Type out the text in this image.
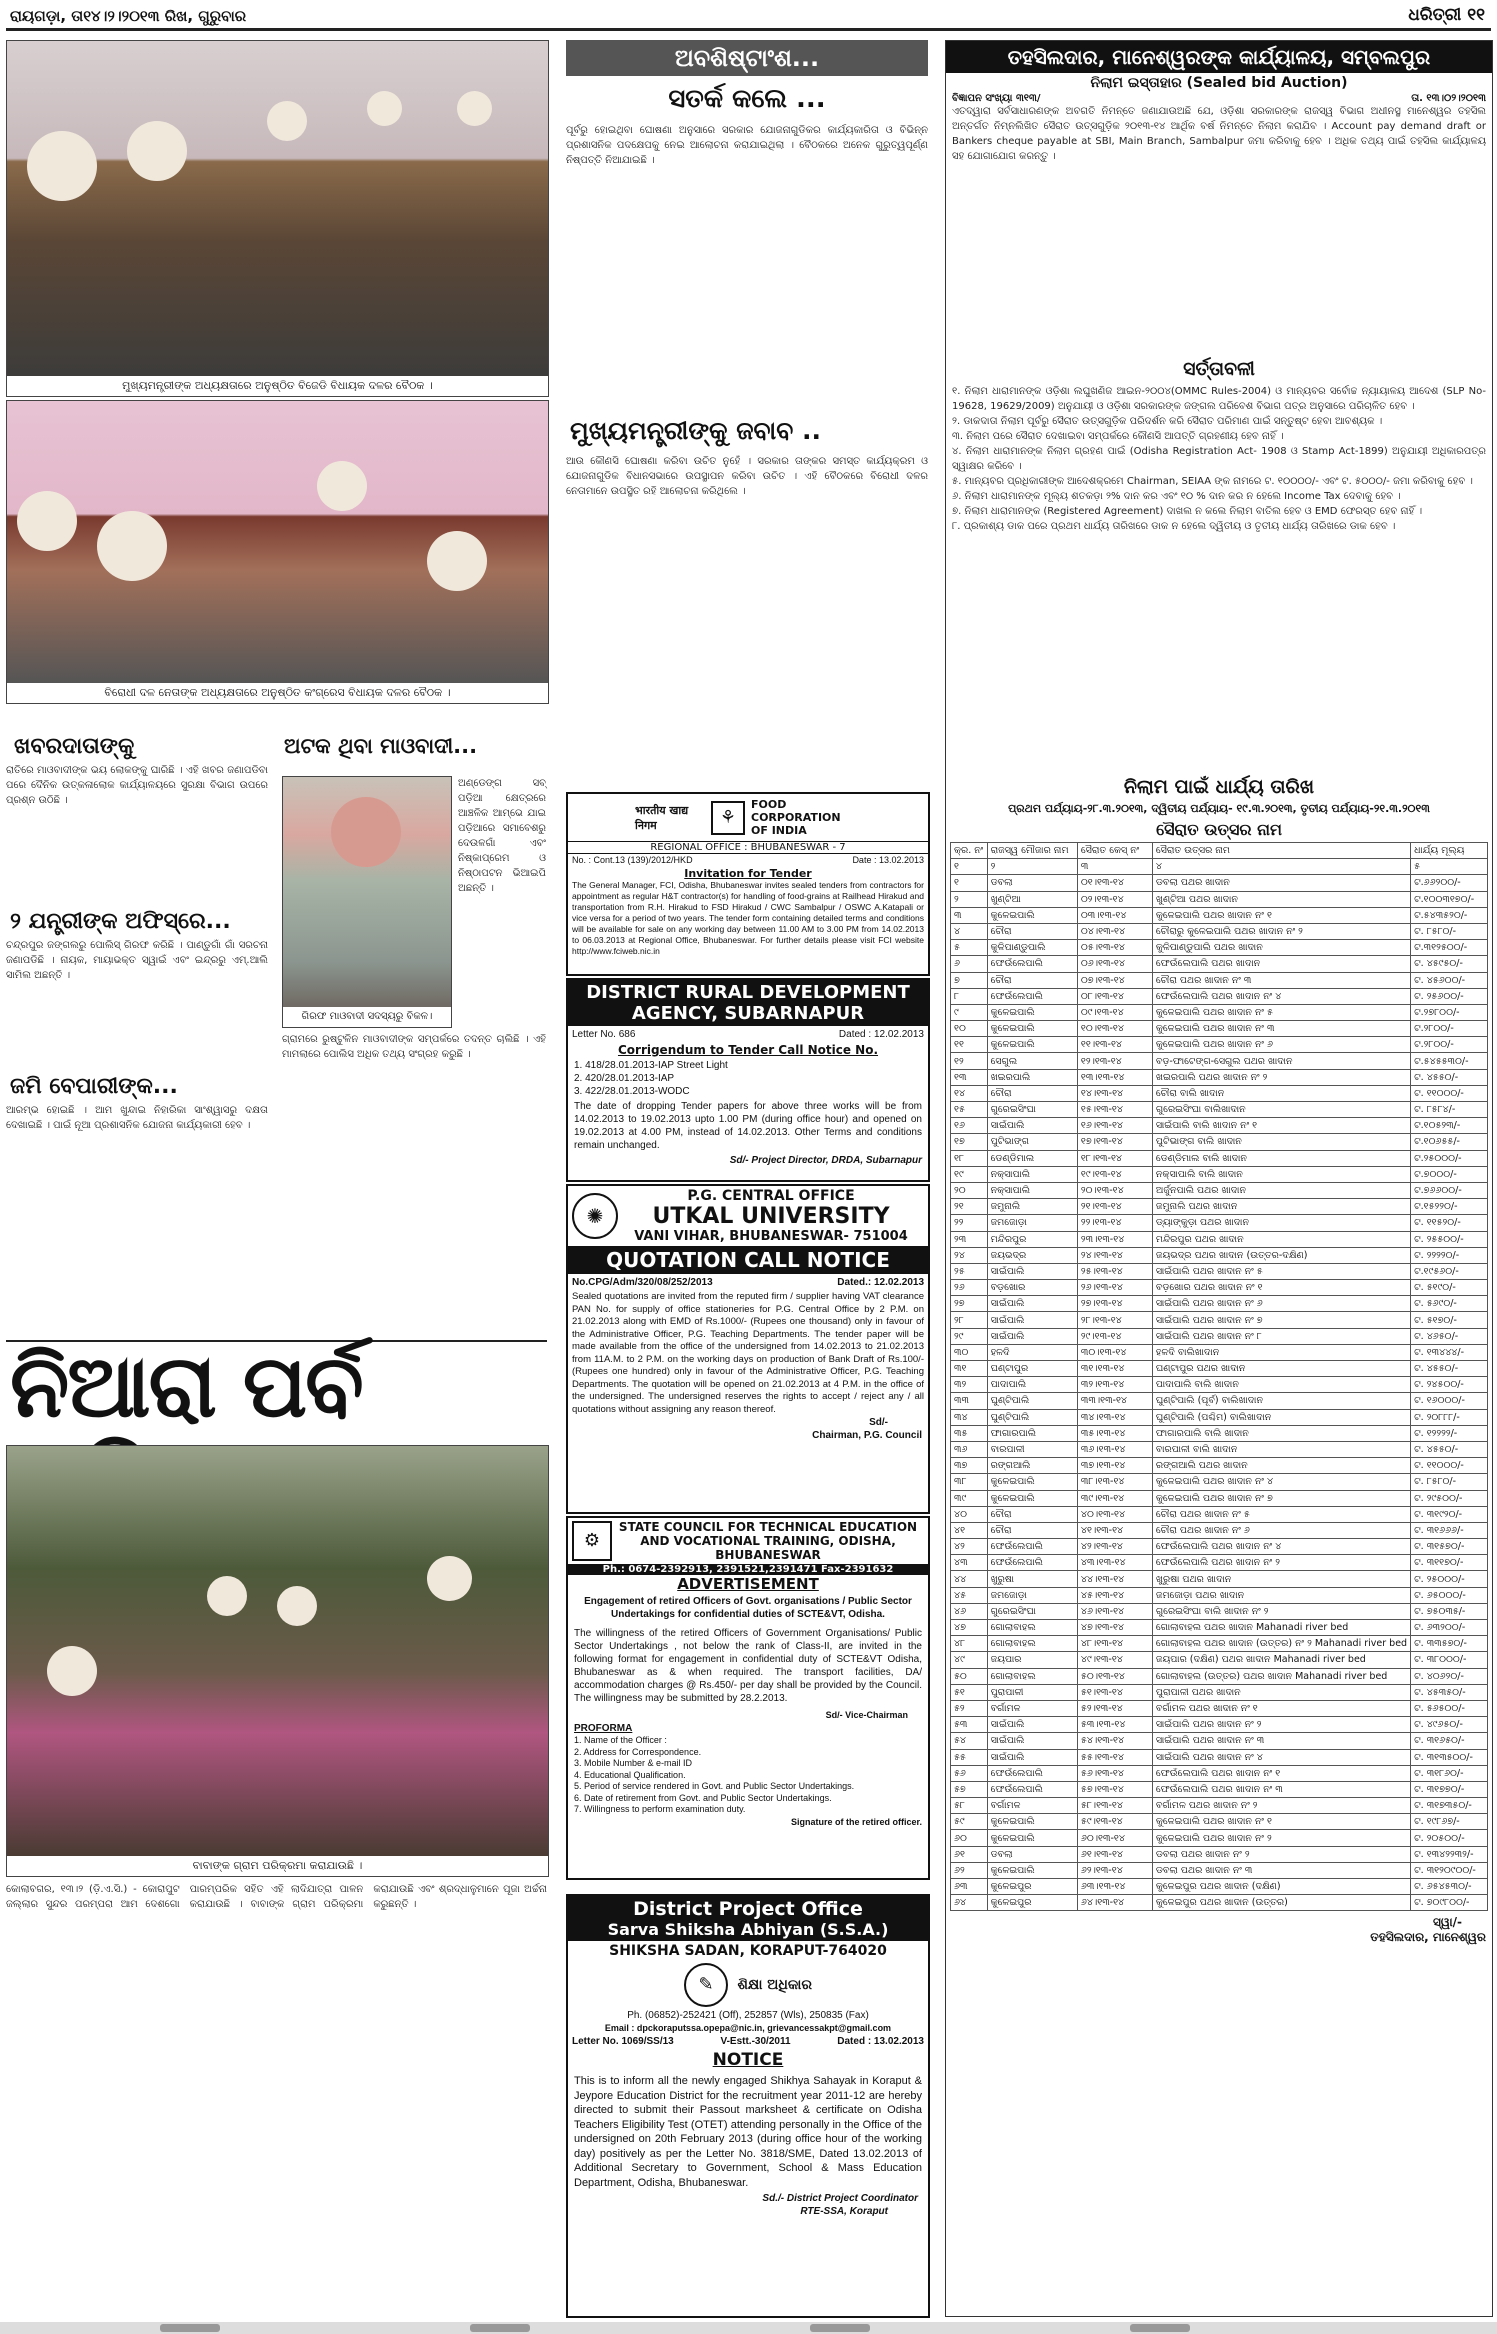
ରାୟଗଡ଼ା, ତା୧୪।୨।୨୦୧୩ ରିଖ, ଗୁରୁବାର	ଧରିତ୍ରୀ ୧୧
ମୁଖ୍ୟମନ୍ତ୍ରୀଙ୍କ ଅଧ୍ୟକ୍ଷତାରେ ଅନୁଷ୍ଠିତ ବିଜେଡି ବିଧାୟକ ଦଳର ବୈଠକ ।
ବିରୋଧୀ ଦଳ ନେତାଙ୍କ ଅଧ୍ୟକ୍ଷତାରେ ଅନୁଷ୍ଠିତ କଂଗ୍ରେସ ବିଧାୟକ ଦଳର ବୈଠକ ।
ଖବରଦାତାଙ୍କୁ
ରାତିରେ ମାଓବାଦୀଙ୍କ ଭୟ ଲୋକଙ୍କୁ ଘାରିଛି । ଏହି ଖବର ଜଣାପଡିବା ପରେ ଦୈନିକ ଉତ୍କଳାଲୋକ କାର୍ଯ୍ୟାଳୟରେ ସୁରକ୍ଷା ବିଭାଗ ଉପରେ ପ୍ରଶ୍ନ ଉଠିଛି ।
୨ ଯନ୍ତ୍ରୀଙ୍କ ଅଫିସ୍‌ରେ...
ଚନ୍ଦ୍ରପୁର ଜଙ୍ଗଲରୁ ପୋଲିସ୍ ଗିରଫ କରିଛି । ପାଣ୍ଡୁଗାଁ ଗାଁ ସରଚନା ଜଣାପଡିଛି । ନାୟକ, ମାୟାଭକ୍ତ ସ୍ୱାଇଁ ଏବଂ ଇନ୍ଦ୍ରରୁ ଏମ୍.ଆଲି ସାମିଲ ଅଛନ୍ତି ।
ଜମି ବେପାରୀଙ୍କ...
ଆରମ୍ଭ ହୋଇଛି । ଆମ ଖୁନ୍ଦାଇ ନିହାରିକା ସାଂଶ୍ୱାସରୁ ଦକ୍ଷତା ଦେଖାଇଛି । ପାଇଁ ନୂଆ ପ୍ରଶାସନିକ ଯୋଜନା କାର୍ଯ୍ୟକାରୀ ହେବ ।
ଅଟକ ଥିବା ମାଓବାଦୀ...
ଗିରଫ ମାଓବାଦୀ ସଦସ୍ୟରୁ ବିକଳ।
ଅଣ୍ଡେଙ୍ଗ ସବ୍ ପଡ଼ିଆ କ୍ଷେତ୍ରରେ ଆଞ୍ଚଳିକ ଆମ୍ଭେ ଯାଇ ପଡ଼ିଆରେ ସମାବେଶରୁ ଦେଉଳଗାଁ ଏବଂ ନିଷ୍କାପ୍ରେମ ଓ ନିଷ୍ଠାପଟନ ଭିଆଇପି ଅଛନ୍ତି ।
ଗ୍ରାମରେ ରୁଷ୍ଟୁଳିନ ମାଓବାଦୀଙ୍କ ସମ୍ପର୍କରେ ତଦନ୍ତ ଚାଲିଛି । ଏହି ମାମଲାରେ ପୋଲିସ ଅଧିକ ତଥ୍ୟ ସଂଗ୍ରହ କରୁଛି ।
ନିଆରା ପର୍ବ
ବାବାଙ୍କ ଗ୍ରାମ ପରିକ୍ରମା କରାଯାଉଛି ।
କୋଲାବଗର, ୧୩।୨ (ଡ଼ି.ଏ.ସି.) - କୋରାପୁଟ ଜଲ୍ଲାର ସୁନ୍ଦର ପରମ୍ପରା ଆମ ଦେଶଗୋ ପାରମ୍ପରିକ ସହିତ ଏହି ଲାଦିଯାତ୍ରା ପାଳନ କରାଯାଉଛି । ବାବାଙ୍କ ଗ୍ରାମ ପରିକ୍ରମା କରାଯାଉଛି ଏବଂ ଶ୍ରଦ୍ଧାଳୁମାନେ ପୂଜା ଅର୍ଚ୍ଚନା କରୁଛନ୍ତି ।
ଅବଶିଷ୍ଟାଂଶ...
ସତର୍କ କଲେ ...
ପୂର୍ବରୁ ହୋଇଥିବା ଘୋଷଣା ଅନୁସାରେ ସରକାର ଯୋଜନାଗୁଡିକର କାର୍ଯ୍ୟକାରିତା ଓ ବିଭିନ୍ନ ପ୍ରଶାସନିକ ପଦକ୍ଷେପକୁ ନେଇ ଆଲୋଚନା କରାଯାଇଥିଲା । ବୈଠକରେ ଅନେକ ଗୁରୁତ୍ୱପୂର୍ଣ୍ଣ ନିଷ୍ପତ୍ତି ନିଆଯାଇଛି ।
ମୁଖ୍ୟମନ୍ତ୍ରୀଙ୍କୁ ଜବାବ ..
ଆଉ କୌଣସି ଘୋଷଣା କରିବା ଉଚିତ ନୁହେଁ । ସରକାର ତାଙ୍କର ସମସ୍ତ କାର୍ଯ୍ୟକ୍ରମ ଓ ଯୋଜନାଗୁଡିକ ବିଧାନସଭାରେ ଉପସ୍ଥାପନ କରିବା ଉଚିତ । ଏହି ବୈଠକରେ ବିରୋଧୀ ଦଳର ନେତାମାନେ ଉପସ୍ଥିତ ରହି ଆଲୋଚନା କରିଥିଲେ ।
भारतीय खाद्य निगम	⚘
FOOD CORPORATION OF INDIA
REGIONAL OFFICE : BHUBANESWAR - 7
No. : Cont.13 (139)/2012/HKD	Date : 13.02.2013
Invitation for Tender
The General Manager, FCI, Odisha, Bhubaneswar invites sealed tenders from contractors for appointment as regular H&T contractor(s) for handling of food-grains at Railhead Hirakud and transportation from R.H. Hirakud to FSD Hirakud / CWC Sambalpur / OSWC A.Katapali or vice versa for a period of two years. The tender form containing detailed terms and conditions will be available for sale on any working day between 11.00 AM to 3.00 PM from 14.02.2013 to 06.03.2013 at Regional Office, Bhubaneswar. For further details please visit FCI website http://www.fciweb.nic.in
DISTRICT RURAL DEVELOPMENT AGENCY, SUBARNAPUR
Letter No. 686	Dated : 12.02.2013
Corrigendum to Tender Call Notice No.
1. 418/28.01.2013-IAP Street Light
2. 420/28.01.2013-IAP
3. 422/28.01.2013-WODC
The date of dropping Tender papers for above three works will be from 14.02.2013 to 19.02.2013 upto 1.00 PM (during office hour) and opened on 19.02.2013 at 4.00 PM, instead of 14.02.2013. Other Terms and conditions remain unchanged.
Sd/- Project Director, DRDA, Subarnapur
✺
P.G. CENTRAL OFFICE
UTKAL UNIVERSITY
VANI VIHAR, BHUBANESWAR- 751004
QUOTATION CALL NOTICE
No.CPG/Adm/320/08/252/2013	Dated.: 12.02.2013
Sealed quotations are invited from the reputed firm / supplier having VAT clearance PAN No. for supply of office stationeries for P.G. Central Office by 2 P.M. on 21.02.2013 along with EMD of Rs.1000/- (Rupees one thousand) only in favour of the Administrative Officer, P.G. Teaching Departments. The tender paper will be made available from the office of the undersigned from 14.02.2013 to 21.02.2013 from 11A.M. to 2 P.M. on the working days on production of Bank Draft of Rs.100/- (Rupees one hundred) only in favour of the Administrative Officer, P.G. Teaching Departments. The quotation will be opened on 21.02.2013 at 4 P.M. in the office of the undersigned. The undersigned reserves the rights to accept / reject any / all quotations without assigning any reason thereof.
Sd/-
Chairman, P.G. Council
⚙
STATE COUNCIL FOR TECHNICAL EDUCATION AND VOCATIONAL TRAINING, ODISHA, BHUBANESWAR
Ph.: 0674-2392913, 2391521,2391471 Fax-2391632
ADVERTISEMENT
Engagement of retired Officers of Govt. organisations / Public Sector Undertakings for confidential duties of SCTE&VT, Odisha.
The willingness of the retired Officers of Government Organisations/ Public Sector Undertakings , not below the rank of Class-II, are invited in the following format for engagement in confidential duty of SCTE&VT Odisha, Bhubaneswar as & when required. The transport facilities, DA/ accommodation charges @ Rs.450/- per day shall be provided by the Council. The willingness may be submitted by 28.2.2013.
Sd/- Vice-Chairman
PROFORMA
1. Name of the Officer :
2. Address for Correspondence.
3. Mobile Number & e-mail ID
4. Educational Qualification.
5. Period of service rendered in Govt. and Public Sector Undertakings.
6. Date of retirement from Govt. and Public Sector Undertakings.
7. Willingness to perform examination duty.
Signature of the retired officer.
District Project Office
Sarva Shiksha Abhiyan (S.S.A.)
SHIKSHA SADAN, KORAPUT-764020
✎ ଶିକ୍ଷା ଅଧିକାର
Ph. (06852)-252421 (Off), 252857 (Wls), 250835 (Fax)
Email : dpckoraputssa.opepa@nic.in, grievancessakpt@gmail.com
Letter No. 1069/SS/13	V-Estt.-30/2011	Dated : 13.02.2013
NOTICE
This is to inform all the newly engaged Shikhya Sahayak in Koraput & Jeypore Education District for the recruitment year 2011-12 are hereby directed to submit their Passout marksheet & certificate on Odisha Teachers Eligibility Test (OTET) attending personally in the Office of the undersigned on 20th February 2013 (during office hour of the working day) positively as per the Letter No. 3818/SME, Dated 13.02.2013 of Additional Secretary to Government, School & Mass Education Department, Odisha, Bhubaneswar.
Sd./- District Project Coordinator
RTE-SSA, Koraput
ତହସିଲଦାର, ମାନେଶ୍ୱରଙ୍କ କାର୍ଯ୍ୟାଳୟ, ସମ୍ବଲପୁର
ନିଲାମ ଇସ୍ତାହାର (Sealed bid Auction)
ବିଜ୍ଞାପନ ସଂଖ୍ୟା ୩୧୩/	ତା. ୧୩।୦୨।୨୦୧୩
ଏତଦ୍ୱାରା ସର୍ବସାଧାରଣଙ୍କ ଅବଗତି ନିମନ୍ତେ ଜଣାଯାଉଅଛି ଯେ, ଓଡ଼ିଶା ସରକାରଙ୍କ ରାଜସ୍ୱ ବିଭାଗ ଅଧୀନସ୍ଥ ମାନେଶ୍ୱର ତହସିଲ ଅନ୍ତର୍ଗତ ନିମ୍ନଲିଖିତ ସୈରାତ ଉତ୍ସଗୁଡ଼ିକ ୨୦୧୩-୧୪ ଆର୍ଥିକ ବର୍ଷ ନିମନ୍ତେ ନିଲାମ କରାଯିବ । Account pay demand draft or Bankers cheque payable at SBI, Main Branch, Sambalpur ଜମା କରିବାକୁ ହେବ । ଅଧିକ ତଥ୍ୟ ପାଇଁ ତହସିଲ କାର୍ଯ୍ୟାଳୟ ସହ ଯୋଗାଯୋଗ କରନ୍ତୁ ।
ସର୍ତ୍ତାବଳୀ
୧. ନିଲାମ ଧାରାମାନଙ୍କ ଓଡ଼ିଶା ଲଘୁଖଣିଜ ଆଇନ-୨୦୦୪(OMMC Rules-2004) ଓ ମାନ୍ୟବର ସର୍ବୋଚ୍ଚ ନ୍ୟାୟାଳୟ ଆଦେଶ (SLP No-19628, 19629/2009) ଅନୁଯାୟୀ ଓ ଓଡ଼ିଶା ସରକାରଙ୍କ ଜଙ୍ଗଲ ପରିବେଶ ବିଭାଗ ପତ୍ର ଅନୁସାରେ ପରିଚାଳିତ ହେବ ।
୨. ଡାକଦାତା ନିଲାମ ପୂର୍ବରୁ ସୈରାତ ଉତ୍ସଗୁଡ଼ିକ ପରିଦର୍ଶନ କରି ସୈରାତ ପରିମାଣ ପାଇଁ ସନ୍ତୁଷ୍ଟ ହେବା ଆବଶ୍ୟକ ।
୩. ନିଲାମ ପରେ ସୈରାତ ଦେଖାଇବା ସମ୍ପର୍କରେ କୌଣସି ଆପତ୍ତି ଗ୍ରହଣୀୟ ହେବ ନାହିଁ ।
୪. ନିଲାମ ଧାରାମାନଙ୍କ ନିଲାମ ଗ୍ରହଣ ପାଇଁ (Odisha Registration Act- 1908 ଓ Stamp Act-1899) ଅନୁଯାୟୀ ଅଧିକାରପତ୍ର ସ୍ୱାକ୍ଷର କରିବେ ।
୫. ମାନ୍ୟବର ପ୍ରଧିକାରୀଙ୍କ ଆଦେଶକ୍ରମେ Chairman, SEIAA ଙ୍କ ନାମରେ ଟ. ୧୦୦୦୦/- ଏବଂ ଟ. ୫୦୦୦/- ଜମା କରିବାକୁ ହେବ ।
୬. ନିଲାମ ଧାରାମାନଙ୍କ ମୂଲ୍ୟ ଶତକଡ଼ା ୨% ଦାନ କର ଏବଂ ୧୦ % ଦାନ କର ନ ହେଲେ Income Tax ଦେବାକୁ ହେବ ।
୭. ନିଲାମ ଧାରାମାନଙ୍କ (Registered Agreement) ଦାଖଲ ନ କଲେ ନିଲାମ ବାତିଲ ହେବ ଓ EMD ଫେରସ୍ତ ହେବ ନାହିଁ ।
୮. ପ୍ରକାଶ୍ୟ ଡାକ ପରେ ପ୍ରଥମ ଧାର୍ଯ୍ୟ ତାରିଖରେ ଡାକ ନ ହେଲେ ଦ୍ୱିତୀୟ ଓ ତୃତୀୟ ଧାର୍ଯ୍ୟ ତାରିଖରେ ଡାକ ହେବ ।
ନିଲାମ ପାଇଁ ଧାର୍ଯ୍ୟ ତାରିଖ
ପ୍ରଥମ ପର୍ଯ୍ୟାୟ-୨୮.୩.୨୦୧୩, ଦ୍ୱିତୀୟ ପର୍ଯ୍ୟାୟ- ୧୯.୩.୨୦୧୩, ତୃତୀୟ ପର୍ଯ୍ୟାୟ-୨୧.୩.୨୦୧୩
ସୈରାତ ଉତ୍ସର ନାମ
କ୍ର. ନଂ	ରାଜସ୍ୱ ମୌଜାର ନାମ	ସୈରାତ କେସ୍ ନଂ	ସୈରାତ ଉତ୍ସର ନାମ	ଧାର୍ଯ୍ୟ ମୂଲ୍ୟ
୧	୨	୩	୪	୫
୧	ଡବଲା	୦୧।୧୩-୧୪	ଡବଲା ପଥର ଖାଦାନ	ଟ.୬୬୨୦୦/-
୨	ଖୁଣ୍ଟିଆ	୦୨।୧୩-୧୪	ଖୁଣ୍ଟିଆ ପଥର ଖାଦାନ	ଟ.୧୦୦୩୧୭୦/-
୩	କୁଳେଇପାଲି	୦୩।୧୩-୧୪	କୁଳେଇପାଲି ପଥର ଖାଦାନ ନଂ ୧	ଟ.୫୪୩୫୨୦/-
୪	ଚୌରା	୦୪।୧୩-୧୪	ଚୌରାରୁ କୁଳେଇପାଲି ପଥର ଖାଦାନ ନଂ ୨	ଟ. ୮୫୮୦/-
୫	କୁଳିପାଣ୍ଡୁପାଲି	୦୫।୧୩-୧୪	କୁଳିପାଣ୍ଡୁପାଲି ପଥର ଖାଦାନ	ଟ.୩୧୨୫୦୦/-
୬	ଫେଉଁଲେପାଲି	୦୬।୧୩-୧୪	ଫେଉଁଲେପାଲି ପଥର ଖାଦାନ	ଟ. ୪୫୯୫୦/-
୭	ଚୌରା	୦୭।୧୩-୧୪	ଚୌରା ପଥର ଖାଦାନ ନଂ ୩	ଟ. ୪୫୬୦୦/-
୮	ଫେଉଁଲେପାଲି	୦୮।୧୩-୧୪	ଫେଉଁଲେପାଲି ପଥର ଖାଦାନ ନଂ ୪	ଟ. ୨୫୬୦୦/-
୯	କୁଳେଇପାଲି	୦୯।୧୩-୧୪	କୁଳେଇପାଲି ପଥର ଖାଦାନ ନଂ ୫	ଟ.୨୭୮୦୦/-
୧୦	କୁଳେଇପାଲି	୧୦।୧୩-୧୪	କୁଳେଇପାଲି ପଥର ଖାଦାନ ନଂ ୩	ଟ.୨୮୦୦/-
୧୧	କୁଳେଇପାଲି	୧୧।୧୩-୧୪	କୁଳେଇପାଲି ପଥର ଖାଦାନ ନଂ ୬	ଟ.୨୮୦୦/-
୧୨	ସେଗୁଲ	୧୨।୧୩-୧୪	ବଡ଼-ଫାଟେଙ୍ଗ-ସେଗୁଲ ପଥର ଖାଦାନ	ଟ.୫୪୫୫୩୦/-
୧୩	ଖଇରପାଲି	୧୩।୧୩-୧୪	ଖଇରପାଲି ପଥର ଖାଦାନ ନଂ ୨	ଟ. ୪୫୫୦/-
୧୪	ଚୌରା	୧୪।୧୩-୧୪	ଚୌରା ବାଲି ଖାଦାନ	ଟ. ୧୧୦୦୦/-
୧୫	ଗୁରେଇସିଂଘା	୧୫।୧୩-୧୪	ଗୁରେଇସିଂଘା ବାଲିଖାଦାନ	ଟ. ୮୫୮୪/-
୧୬	ସାଇଁପାଲି	୧୬।୧୩-୧୪	ସାଇଁପାଲି ବାଲି ଖାଦାନ ନଂ ୧	ଟ.୧୦୫୨୩/-
୧୭	ପୁଟିଭାଙ୍ଗ	୧୭।୧୩-୧୪	ପୁଟିଭାଙ୍ଗ ବାଲି ଖାଦାନ	ଟ.୧୦୬୫୫/-
୧୮	ଡେଣ୍ଡିମାଲ	୧୮।୧୩-୧୪	ଡେଣ୍ଡିମାଲ ବାଲି ଖାଦାନ	ଟ.୨୫୦୦୦/-
୧୯	ନକ୍ସାପାଲି	୧୯।୧୩-୧୪	ନକ୍ସାପାଲି ବାଲି ଖାଦାନ	ଟ.୭୦୦୦/-
୨୦	ନକ୍ସାପାଲି	୨୦।୧୩-୧୪	ଅର୍ଜୁନପାଲି ପଥର ଖାଦାନ	ଟ.୭୬୬୦୦/-
୨୧	ଜମୁନାଲି	୨୧।୧୩-୧୪	ଜମୁନାଲି ପଥର ଖାଦାନ	ଟ.୧୫୨୨୦/-
୨୨	ଜମଜୋଡ଼ା	୨୨।୧୩-୧୪	ଡ୍ୟାଙ୍କୁଡ଼ା ପଥର ଖାଦାନ	ଟ. ୧୧୫୨୦/-
୨୩	ମନ୍ଦିରପୁର	୨୩।୧୩-୧୪	ମନ୍ଦିରପୁର ପଥର ଖାଦାନ	ଟ. ୨୫୫୦୦/-
୨୪	ଜୟଭଦ୍ର	୨୪।୧୩-୧୪	ଜୟଭଦ୍ର ପଥର ଖାଦାନ (ଉତ୍ତର-ଦକ୍ଷିଣ)	ଟ. ୨୨୨୨୦/-
୨୫	ସାଇଁପାଲି	୨୫।୧୩-୧୪	ସାଇଁପାଲି ପଥର ଖାଦାନ ନଂ ୫	ଟ.୧୯୫୬୦/-
୨୬	ବଡ଼ଖୋର	୨୬।୧୩-୧୪	ବଡ଼ଖୋର ପଥର ଖାଦାନ ନଂ ୧	ଟ. ୫୧୯୦/-
୨୭	ସାଇଁପାଲି	୨୭।୧୩-୧୪	ସାଇଁପାଲି ପଥର ଖାଦାନ ନଂ ୬	ଟ. ୫୬୯୦/-
୨୮	ସାଇଁପାଲି	୨୮।୧୩-୧୪	ସାଇଁପାଲି ପଥର ଖାଦାନ ନଂ ୭	ଟ. ୫୧୭୦/-
୨୯	ସାଇଁପାଲି	୨୯।୧୩-୧୪	ସାଇଁପାଲି ପଥର ଖାଦାନ ନଂ ୮	ଟ. ୪୬୫୦/-
୩୦	ହଳଦି	୩୦।୧୩-୧୪	ହଳଦି ବାଲିଖାଦାନ	ଟ. ୧୩୪୪୪/-
୩୧	ଘଣ୍ଟାପୁର	୩୧।୧୩-୧୪	ଘଣ୍ଟାପୁର ପଥର ଖାଦାନ	ଟ. ୪୫୫୦/-
୩୨	ପାଦାପାଲି	୩୨।୧୩-୧୪	ପାଦାପାଲି ବାଲି ଖାଦାନ	ଟ. ୨୪୫୦୦/-
୩୩	ଘୁଣ୍ଟିପାଲି	୩୩।୧୩-୧୪	ଘୁଣ୍ଟିପାଲି (ପୂର୍ବ) ବାଲିଖାଦାନ	ଟ. ୧୬୦୦୦/-
୩୪	ଘୁଣ୍ଟିପାଲି	୩୪।୧୩-୧୪	ଘୁଣ୍ଟିପାଲି (ପଶ୍ଚିମ) ବାଲିଖାଦାନ	ଟ. ୨୦୮୮୮/-
୩୫	ଫାଗାରପାଲି	୩୫।୧୩-୧୪	ଫାଗାରପାଲି ବାଲି ଖାଦାନ	ଟ. ୧୨୨୨୨/-
୩୬	ବାରପାଳୀ	୩୬।୧୩-୧୪	ବାରପାଳୀ ବାଲି ଖାଦାନ	ଟ. ୪୫୫୦/-
୩୭	ରଙ୍ଗଆଲି	୩୭।୧୩-୧୪	ରଙ୍ଗଆଲି ପଥର ଖାଦାନ	ଟ. ୧୧୦୦୦/-
୩୮	କୁଳେଇପାଲି	୩୮।୧୩-୧୪	କୁଳେଇପାଲି ପଥର ଖାଦାନ ନଂ ୪	ଟ. ୮୫୮୦/-
୩୯	କୁଳେଇପାଲି	୩୯।୧୩-୧୪	କୁଳେଇପାଲି ପଥର ଖାଦାନ ନଂ ୭	ଟ. ୨୯୫୦୦/-
୪୦	ଚୌରା	୪୦।୧୩-୧୪	ଚୌରା ପଥର ଖାଦାନ ନଂ ୫	ଟ. ୩୧୯୨୦/-
୪୧	ଚୌରା	୪୧।୧୩-୧୪	ଚୌରା ପଥର ଖାଦାନ ନଂ ୬	ଟ. ୩୧୬୬୬/-
୪୨	ଫେଉଁଲେପାଲି	୪୨।୧୩-୧୪	ଫେଉଁଲେପାଲି ପଥର ଖାଦାନ ନଂ ୪	ଟ. ୩୧୫୭୦/-
୪୩	ଫେଉଁଲେପାଲି	୪୩।୧୩-୧୪	ଫେଉଁଲେପାଲି ପଥର ଖାଦାନ ନଂ ୨	ଟ. ୩୧୧୭୦/-
୪୪	ଖୁରୁଷା	୪୪।୧୩-୧୪	ଖୁରୁଷା ପଥର ଖାଦାନ	ଟ. ୨୫୦୦୦/-
୪୫	ଜମଜୋଡ଼ା	୪୫।୧୩-୧୪	ଜମଜୋଡ଼ା ପଥର ଖାଦାନ	ଟ. ୬୫୦୦୦/-
୪୬	ଗୁରେଇସିଂଘା	୪୬।୧୩-୧୪	ଗୁରେଇସିଂଘା ବାଲି ଖାଦାନ ନଂ ୨	ଟ. ୭୫୦୩୫/-
୪୭	ଗୋଲାବାହଲ	୪୭।୧୩-୧୪	ଗୋଲାବାହଲ ପଥର ଖାଦାନ Mahanadi river bed	ଟ. ୬୩୨୦୦/-
୪୮	ଗୋଲାବାହଲ	୪୮।୧୩-୧୪	ଗୋଲାବାହଲ ପଥର ଖାଦାନ (ଉତ୍ତର) ନଂ ୨ Mahanadi river bed	ଟ. ୩୩୫୭୦/-
୪୯	ଜୟପାର	୪୯।୧୩-୧୪	ଜୟପାର (ଦକ୍ଷିଣ) ପଥର ଖାଦାନ Mahanadi river bed	ଟ. ୩୮୦୦୦/-
୫୦	ଗୋଲାବାହଲ	୫୦।୧୩-୧୪	ଗୋଲାବାହଲ (ଉତ୍ତର) ପଥର ଖାଦାନ Mahanadi river bed	ଟ. ୪୦୬୨୦/-
୫୧	ପୁରାପାଳୀ	୫୧।୧୩-୧୪	ପୁରାପାଳୀ ପଥର ଖାଦାନ	ଟ. ୪୫୩୫୦/-
୫୨	ବର୍ଗାମଳ	୫୨।୧୩-୧୪	ବର୍ଗାମଳ ପଥର ଖାଦାନ ନଂ ୧	ଟ. ୫୬୫୦୦/-
୫୩	ସାଇଁପାଲି	୫୩।୧୩-୧୪	ସାଇଁପାଲି ପଥର ଖାଦାନ ନଂ ୨	ଟ. ୪୯୬୫୦/-
୫୪	ସାଇଁପାଲି	୫୪।୧୩-୧୪	ସାଇଁପାଲି ପଥର ଖାଦାନ ନଂ ୩	ଟ. ୩୧୬୫୦/-
୫୫	ସାଇଁପାଲି	୫୫।୧୩-୧୪	ସାଇଁପାଲି ପଥର ଖାଦାନ ନଂ ୪	ଟ. ୩୧୩୫୦୦/-
୫୬	ଫେଉଁଲେପାଲି	୫୬।୧୩-୧୪	ଫେଉଁଲେପାଲି ପଥର ଖାଦାନ ନଂ ୧	ଟ. ୩୧୮୬୦/-
୫୭	ଫେଉଁଲେପାଲି	୫୭।୧୩-୧୪	ଫେଉଁଲେପାଲି ପଥର ଖାଦାନ ନଂ ୩	ଟ. ୩୧୭୭୦/-
୫୮	ବର୍ଗାମଳ	୫୮।୧୩-୧୪	ବର୍ଗାମଳ ପଥର ଖାଦାନ ନଂ ୨	ଟ. ୩୧୭୩୫୦/-
୫୯	କୁଳେଇପାଲି	୫୯।୧୩-୧୪	କୁଳେଇପାଲି ପଥର ଖାଦାନ ନଂ ୧	ଟ. ୧୯୮୬୭/-
୬୦	କୁଳେଇପାଲି	୬୦।୧୩-୧୪	କୁଳେଇପାଲି ପଥର ଖାଦାନ ନଂ ୨	ଟ. ୨୦୫୦୦/-
୬୧	ଡବଲା	୬୧।୧୩-୧୪	ଡବଲା ପଥର ଖାଦାନ ନଂ ୨	ଟ. ୧୩୪୨୨୩୨/-
୬୨	କୁଳେଇପାଲି	୬୨।୧୩-୧୪	ଡବଲା ପଥର ଖାଦାନ ନଂ ୩	ଟ. ୩୧୨୦୯୦୦/-
୬୩	କୁଳେଇପୁର	୬୩।୧୩-୧୪	କୁଳେଇପୁର ପଥର ଖାଦାନ (ଦକ୍ଷିଣ)	ଟ. ୬୫୪୫୩୦/-
୬୪	କୁଳେଇପୁର	୬୪।୧୩-୧୪	କୁଳେଇପୁର ପଥର ଖାଦାନ (ଉତ୍ତର)	ଟ. ୭୦୯୮୦୦/-
ସ୍ୱା/-
ତହସିଲଦାର, ମାନେଶ୍ୱର
